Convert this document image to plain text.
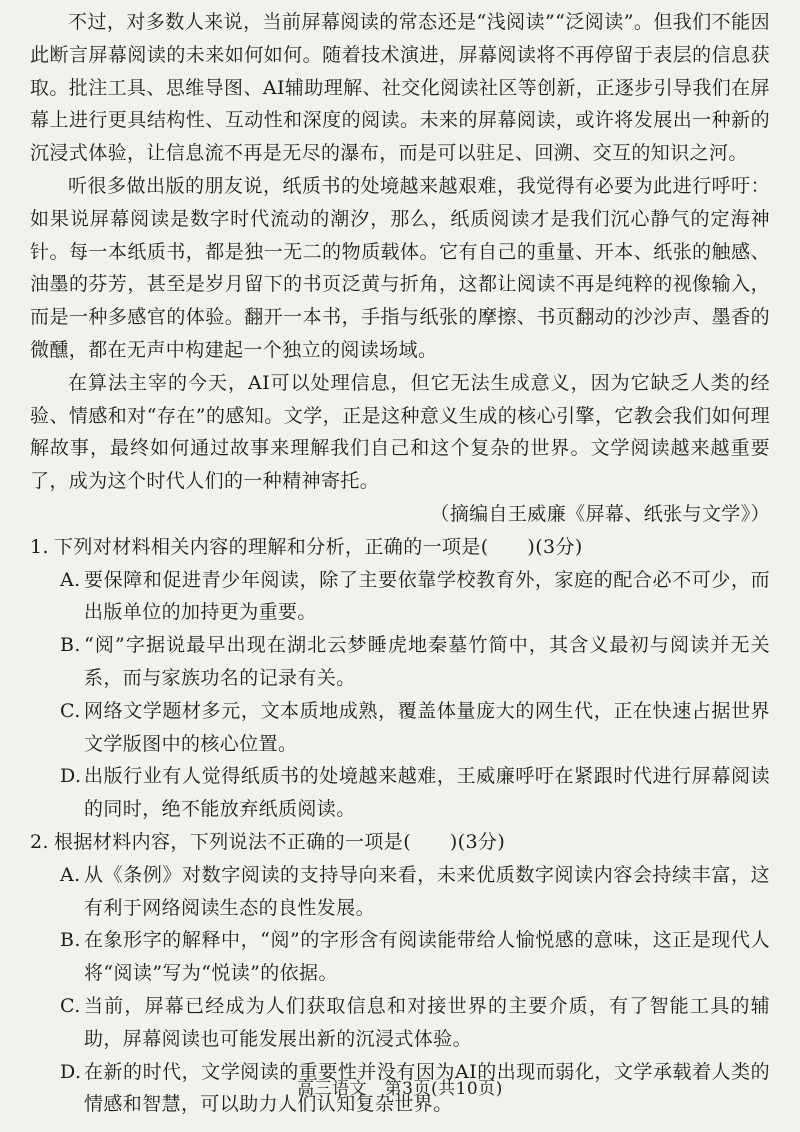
不过，对多数人来说，当前屏幕阅读的常态还是“浅阅读”“泛阅读”。但我们不能因此断言屏幕阅读的未来如何如何。随着技术演进，屏幕阅读将不再停留于表层的信息获取。批注工具、思维导图、AI辅助理解、社交化阅读社区等创新，正逐步引导我们在屏幕上进行更具结构性、互动性和深度的阅读。未来的屏幕阅读，或许将发展出一种新的沉浸式体验，让信息流不再是无尽的瀑布，而是可以驻足、回溯、交互的知识之河。

听很多做出版的朋友说，纸质书的处境越来越艰难，我觉得有必要为此进行呼吁：如果说屏幕阅读是数字时代流动的潮汐，那么，纸质阅读才是我们沉心静气的定海神针。每一本纸质书，都是独一无二的物质载体。它有自己的重量、开本、纸张的触感、油墨的芬芳，甚至是岁月留下的书页泛黄与折角，这都让阅读不再是纯粹的视像输入，而是一种多感官的体验。翻开一本书，手指与纸张的摩擦、书页翻动的沙沙声、墨香的微醺，都在无声中构建起一个独立的阅读场域。

在算法主宰的今天，AI可以处理信息，但它无法生成意义，因为它缺乏人类的经验、情感和对“存在”的感知。文学，正是这种意义生成的核心引擎，它教会我们如何理解故事，最终如何通过故事来理解我们自己和这个复杂的世界。文学阅读越来越重要了，成为这个时代人们的一种精神寄托。

（摘编自王威廉《屏幕、纸张与文学》）

1. 下列对材料相关内容的理解和分析，正确的一项是(　　)(3分)
A. 要保障和促进青少年阅读，除了主要依靠学校教育外，家庭的配合必不可少，而出版单位的加持更为重要。
B. “阅”字据说最早出现在湖北云梦睡虎地秦墓竹简中，其含义最初与阅读并无关系，而与家族功名的记录有关。
C. 网络文学题材多元，文本质地成熟，覆盖体量庞大的网生代，正在快速占据世界文学版图中的核心位置。
D. 出版行业有人觉得纸质书的处境越来越难，王威廉呼吁在紧跟时代进行屏幕阅读的同时，绝不能放弃纸质阅读。
2. 根据材料内容，下列说法不正确的一项是(　　)(3分)
A. 从《条例》对数字阅读的支持导向来看，未来优质数字阅读内容会持续丰富，这有利于网络阅读生态的良性发展。
B. 在象形字的解释中，“阅”的字形含有阅读能带给人愉悦感的意味，这正是现代人将“阅读”写为“悦读”的依据。
C. 当前，屏幕已经成为人们获取信息和对接世界的主要介质，有了智能工具的辅助，屏幕阅读也可能发展出新的沉浸式体验。
D. 在新的时代，文学阅读的重要性并没有因为AI的出现而弱化，文学承载着人类的情感和智慧，可以助力人们认知复杂世界。
高三语文　第3页(共10页)
